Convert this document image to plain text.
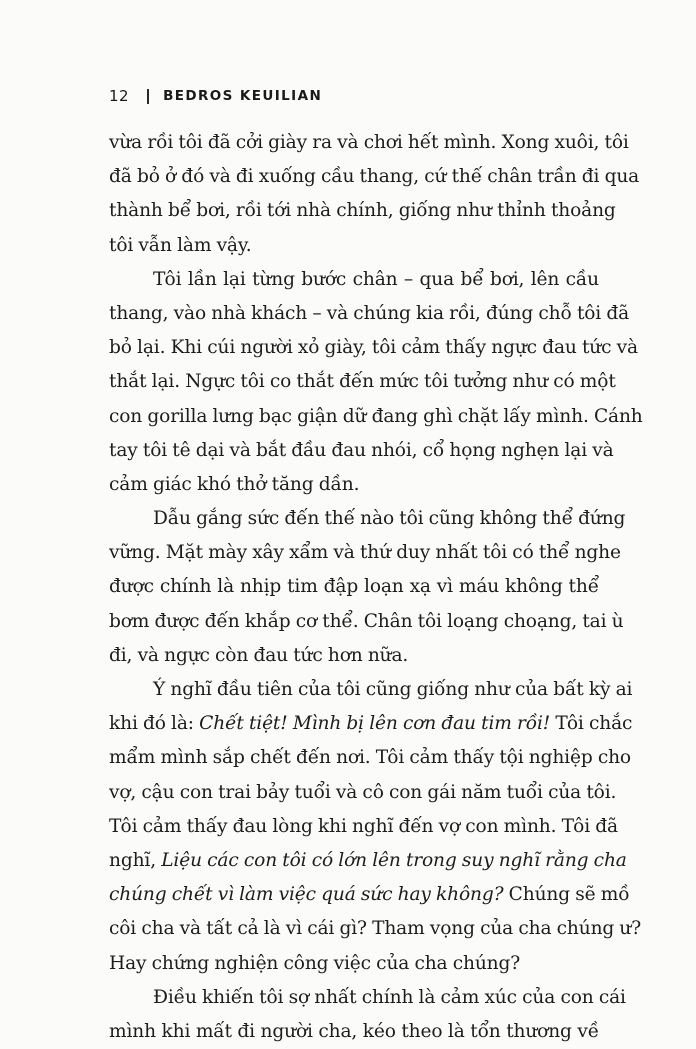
12	BEDROS KEUILIAN
vừa rồi tôi đã cởi giày ra và chơi hết mình. Xong xuôi, tôi
đã bỏ ở đó và đi xuống cầu thang, cứ thế chân trần đi qua
thành bể bơi, rồi tới nhà chính, giống như thỉnh thoảng
tôi vẫn làm vậy.
Tôi lần lại từng bước chân – qua bể bơi, lên cầu
thang, vào nhà khách – và chúng kia rồi, đúng chỗ tôi đã
bỏ lại. Khi cúi người xỏ giày, tôi cảm thấy ngực đau tức và
thắt lại. Ngực tôi co thắt đến mức tôi tưởng như có một
con gorilla lưng bạc giận dữ đang ghì chặt lấy mình. Cánh
tay tôi tê dại và bắt đầu đau nhói, cổ họng nghẹn lại và
cảm giác khó thở tăng dần.
Dẫu gắng sức đến thế nào tôi cũng không thể đứng
vững. Mặt mày xây xẩm và thứ duy nhất tôi có thể nghe
được chính là nhịp tim đập loạn xạ vì máu không thể
bơm được đến khắp cơ thể. Chân tôi loạng choạng, tai ù
đi, và ngực còn đau tức hơn nữa.
Ý nghĩ đầu tiên của tôi cũng giống như của bất kỳ ai
khi đó là: Chết tiệt! Mình bị lên cơn đau tim rồi! Tôi chắc
mẩm mình sắp chết đến nơi. Tôi cảm thấy tội nghiệp cho
vợ, cậu con trai bảy tuổi và cô con gái năm tuổi của tôi.
Tôi cảm thấy đau lòng khi nghĩ đến vợ con mình. Tôi đã
nghĩ, Liệu các con tôi có lớn lên trong suy nghĩ rằng cha
chúng chết vì làm việc quá sức hay không? Chúng sẽ mồ
côi cha và tất cả là vì cái gì? Tham vọng của cha chúng ư?
Hay chứng nghiện công việc của cha chúng?
Điều khiến tôi sợ nhất chính là cảm xúc của con cái
mình khi mất đi người cha, kéo theo là tổn thương về
